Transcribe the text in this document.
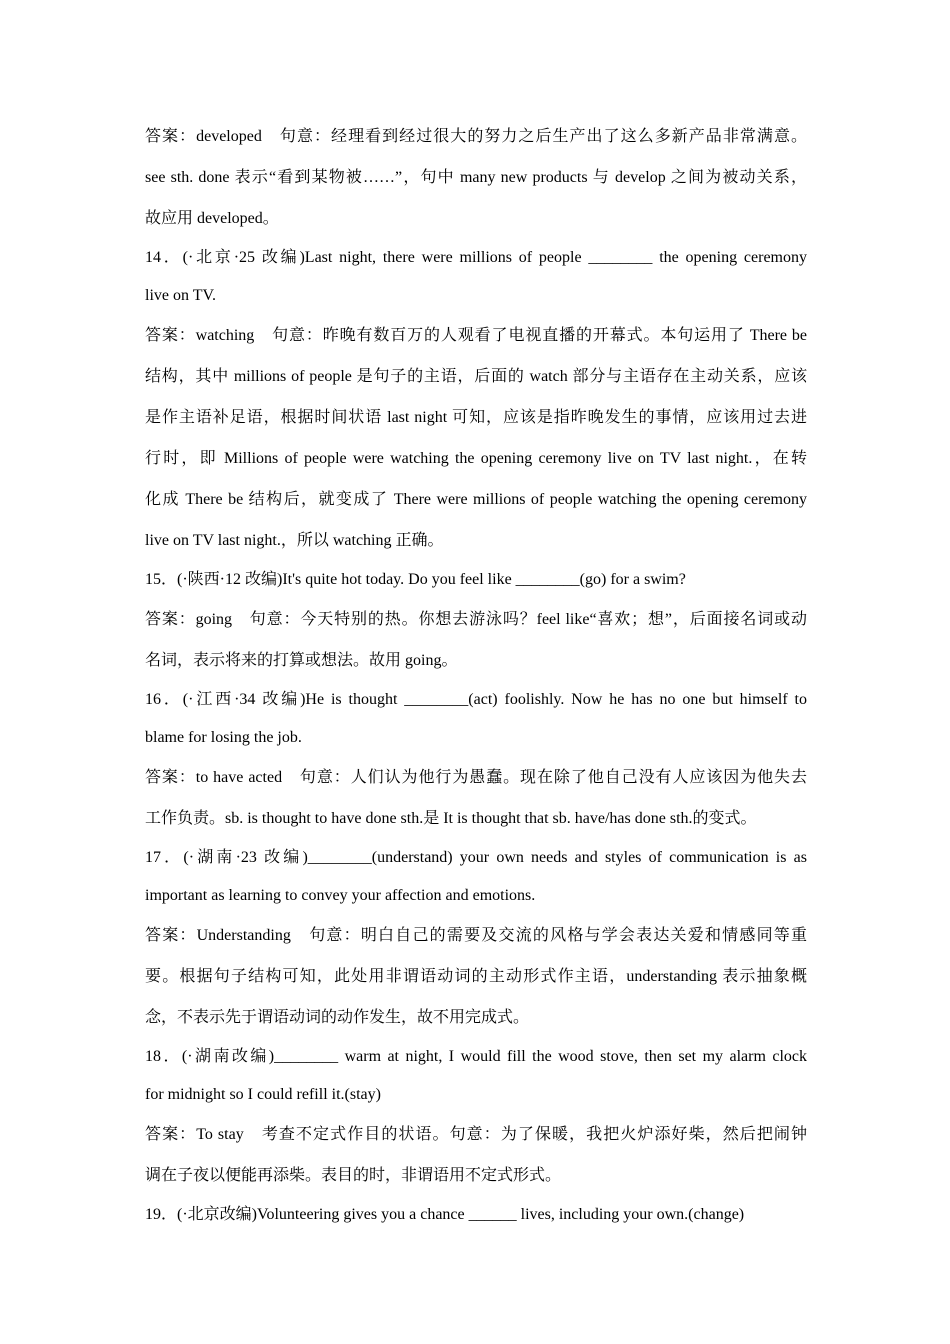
答案：developed　句意：经理看到经过很大的努力之后生产出了这么多新产品非常满意。
see sth. done 表示“看到某物被……”，句中 many new products 与 develop 之间为被动关系，
故应用 developed。
14．(·北京·25 改编)Last night, there were millions of people ________ the opening ceremony
live on TV.
答案：watching　句意：昨晚有数百万的人观看了电视直播的开幕式。本句运用了 There be
结构，其中 millions of people 是句子的主语，后面的 watch 部分与主语存在主动关系，应该
是作主语补足语，根据时间状语 last night 可知，应该是指昨晚发生的事情，应该用过去进
行时，即 Millions of people were watching the opening ceremony live on TV last night.，在转
化成 There be 结构后，就变成了 There were millions of people watching the opening ceremony
live on TV last night.，所以 watching 正确。
15．(·陕西·12 改编)It's quite hot today. Do you feel like ________(go) for a swim?
答案：going　句意：今天特别的热。你想去游泳吗？feel like“喜欢；想”，后面接名词或动
名词，表示将来的打算或想法。故用 going。
16．(·江西·34 改编)He is thought ________(act) foolishly. Now he has no one but himself to
blame for losing the job.
答案：to have acted　句意：人们认为他行为愚蠢。现在除了他自己没有人应该因为他失去
工作负责。sb. is thought to have done sth.是 It is thought that sb. have/has done sth.的变式。
17．(·湖南·23 改编)________(understand) your own needs and styles of communication is as
important as learning to convey your affection and emotions.
答案：Understanding　句意：明白自己的需要及交流的风格与学会表达关爱和情感同等重
要。根据句子结构可知，此处用非谓语动词的主动形式作主语，understanding 表示抽象概
念，不表示先于谓语动词的动作发生，故不用完成式。
18．(·湖南改编)________ warm at night, I would fill the wood stove, then set my alarm clock
for midnight so I could refill it.(stay)
答案：To stay　考查不定式作目的状语。句意：为了保暖，我把火炉添好柴，然后把闹钟
调在子夜以便能再添柴。表目的时，非谓语用不定式形式。
19．(·北京改编)Volunteering gives you a chance ______ lives, including your own.(change)
